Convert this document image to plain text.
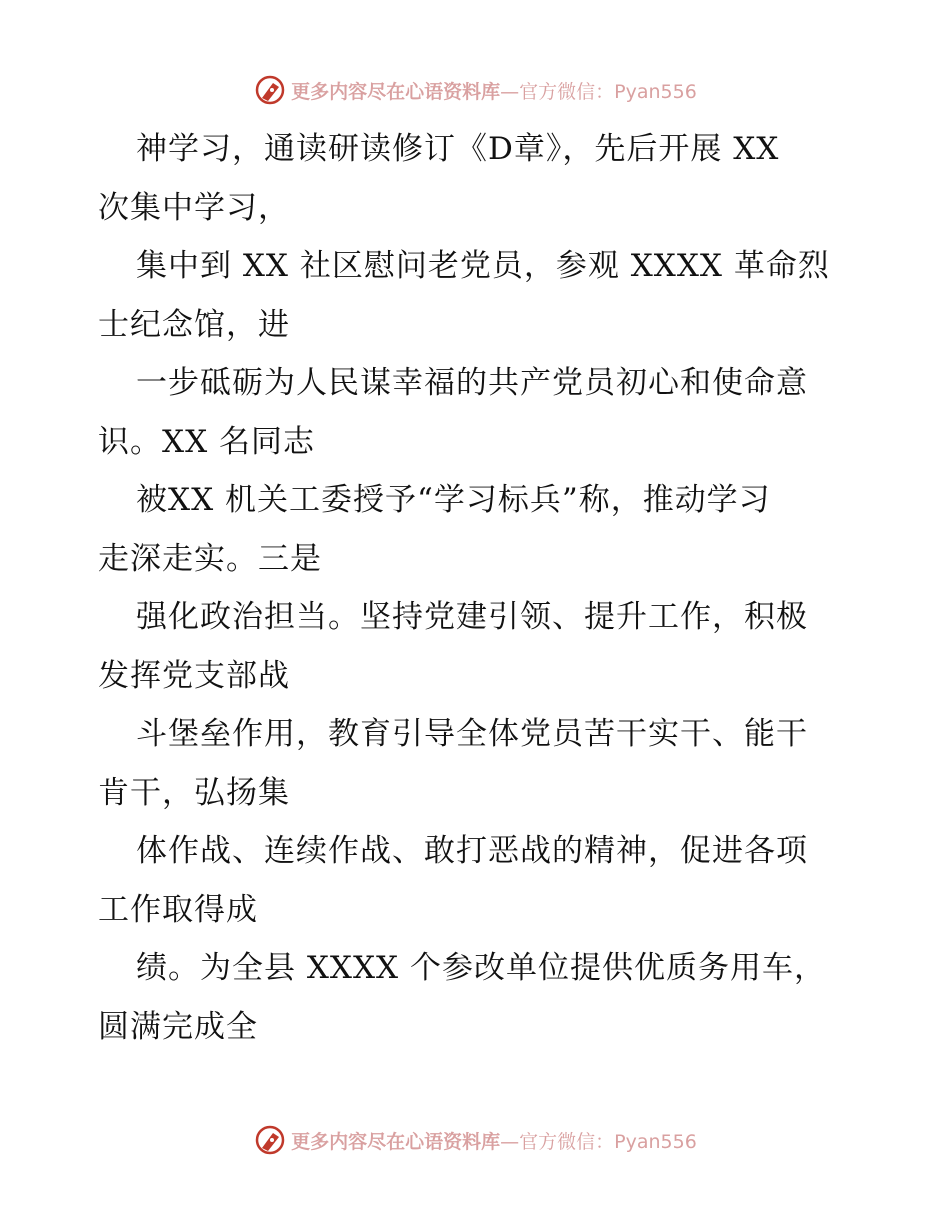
更多内容尽在心语资料库—官方微信：Pyan556
神学习，通读研读修订《D章》，先后开展 XX
次集中学习，
集中到 XX 社区慰问老党员，参观 XXXX 革命烈
士纪念馆，进
一步砥砺为人民谋幸福的共产党员初心和使命意
识。XX 名同志
被XX 机关工委授予“学习标兵”称，推动学习
走深走实。三是
强化政治担当。坚持党建引领、提升工作，积极
发挥党支部战
斗堡垒作用，教育引导全体党员苦干实干、能干
肯干，弘扬集
体作战、连续作战、敢打恶战的精神，促进各项
工作取得成
绩。为全县 XXXX 个参改单位提供优质务用车，
圆满完成全
更多内容尽在心语资料库—官方微信：Pyan556
